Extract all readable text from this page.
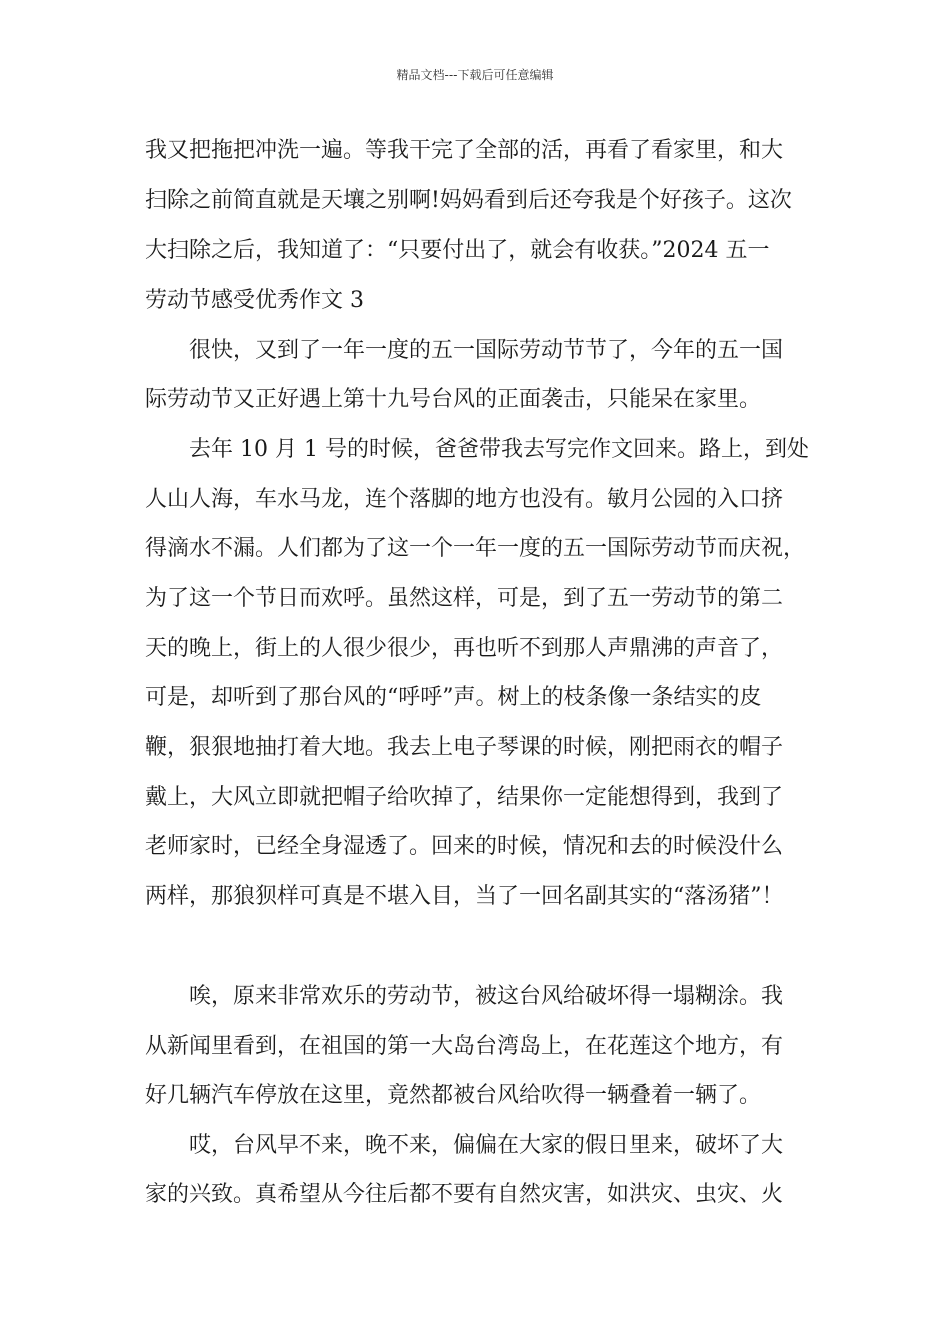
精品文档---下载后可任意编辑
我又把拖把冲洗一遍。等我干完了全部的活，再看了看家里，和大
扫除之前简直就是天壤之别啊!妈妈看到后还夸我是个好孩子。这次
大扫除之后，我知道了：“只要付出了，就会有收获。”2024 五一
劳动节感受优秀作文 3
　　很快，又到了一年一度的五一国际劳动节节了，今年的五一国
际劳动节又正好遇上第十九号台风的正面袭击，只能呆在家里。
　　去年 10 月 1 号的时候，爸爸带我去写完作文回来。路上，到处
人山人海，车水马龙，连个落脚的地方也没有。敏月公园的入口挤
得滴水不漏。人们都为了这一个一年一度的五一国际劳动节而庆祝，
为了这一个节日而欢呼。虽然这样，可是，到了五一劳动节的第二
天的晚上，街上的人很少很少，再也听不到那人声鼎沸的声音了，
可是，却听到了那台风的“呼呼”声。树上的枝条像一条结实的皮
鞭，狠狠地抽打着大地。我去上电子琴课的时候，刚把雨衣的帽子
戴上，大风立即就把帽子给吹掉了，结果你一定能想得到，我到了
老师家时，已经全身湿透了。回来的时候，情况和去的时候没什么
两样，那狼狈样可真是不堪入目，当了一回名副其实的“落汤猪”！
　　唉，原来非常欢乐的劳动节，被这台风给破坏得一塌糊涂。我
从新闻里看到，在祖国的第一大岛台湾岛上，在花莲这个地方，有
好几辆汽车停放在这里，竟然都被台风给吹得一辆叠着一辆了。
　　哎，台风早不来，晚不来，偏偏在大家的假日里来，破坏了大
家的兴致。真希望从今往后都不要有自然灾害，如洪灾、虫灾、火
